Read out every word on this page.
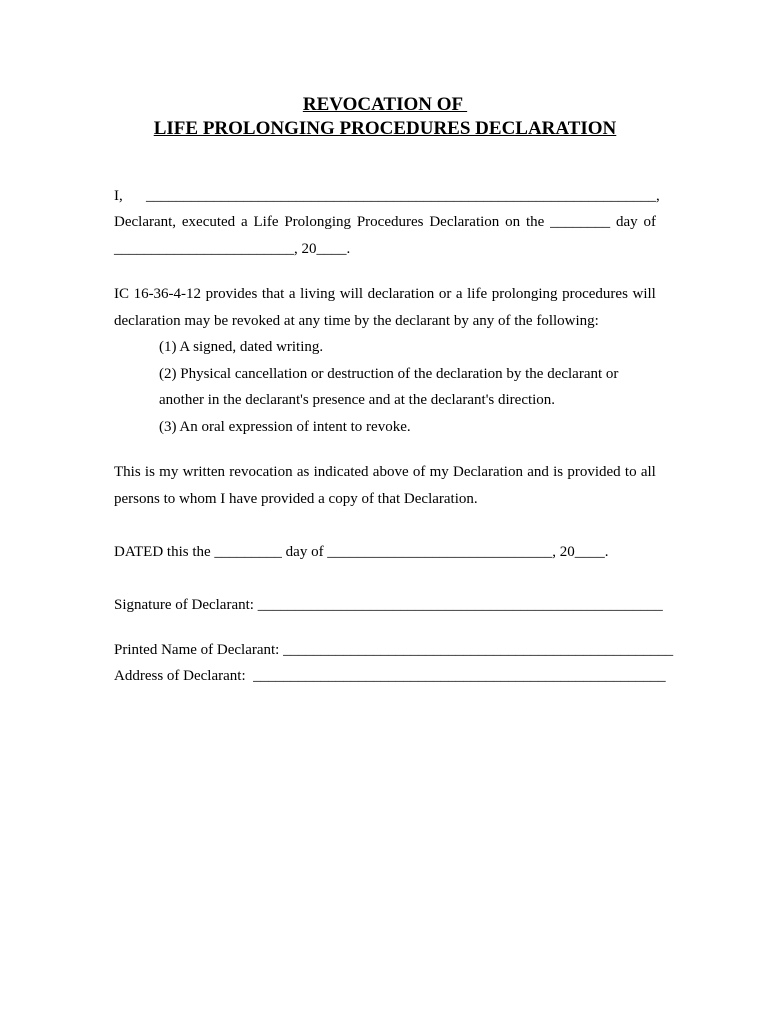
REVOCATION OF
LIFE PROLONGING PROCEDURES DECLARATION
I, ____________________________________________________________________,
Declarant, executed a Life Prolonging Procedures Declaration on the ________ day of
________________________, 20____.
IC 16-36-4-12 provides that a living will declaration or a life prolonging procedures will
declaration may be revoked at any time by the declarant by any of the following:
(1) A signed, dated writing.
(2) Physical cancellation or destruction of the declaration by the declarant or
another in the declarant's presence and at the declarant's direction.
(3) An oral expression of intent to revoke.
This is my written revocation as indicated above of my Declaration and is provided to all
persons to whom I have provided a copy of that Declaration.
DATED this the _________ day of ______________________________, 20____.
Signature of Declarant: ______________________________________________________
Printed Name of Declarant: ____________________________________________________
Address of Declarant:  _______________________________________________________
